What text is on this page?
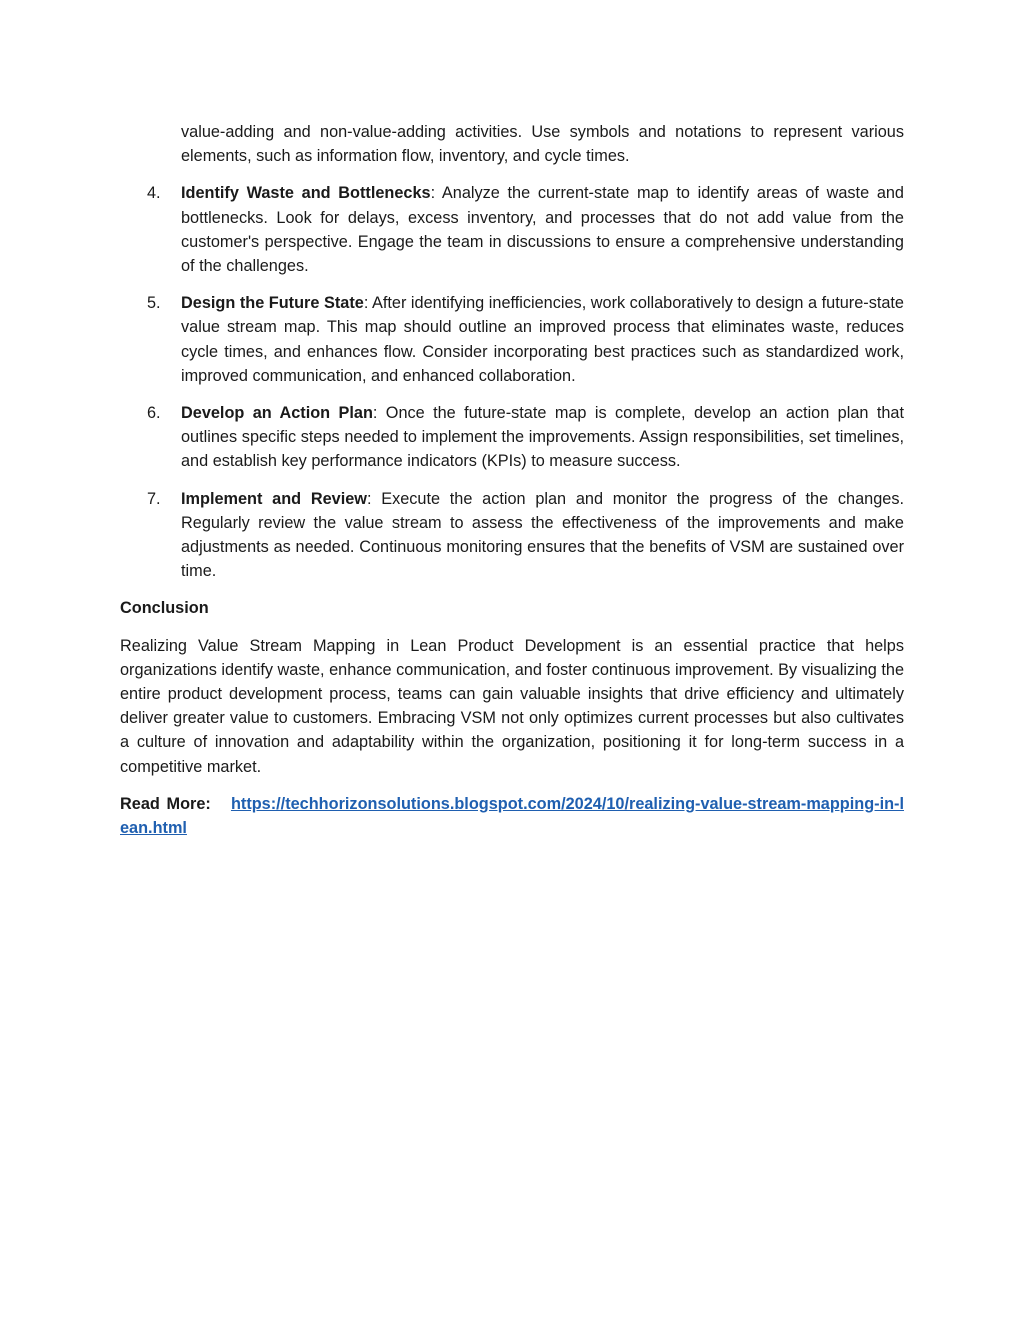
value-adding and non-value-adding activities. Use symbols and notations to represent various elements, such as information flow, inventory, and cycle times.

4. Identify Waste and Bottlenecks: Analyze the current-state map to identify areas of waste and bottlenecks. Look for delays, excess inventory, and processes that do not add value from the customer's perspective. Engage the team in discussions to ensure a comprehensive understanding of the challenges.

5. Design the Future State: After identifying inefficiencies, work collaboratively to design a future-state value stream map. This map should outline an improved process that eliminates waste, reduces cycle times, and enhances flow. Consider incorporating best practices such as standardized work, improved communication, and enhanced collaboration.

6. Develop an Action Plan: Once the future-state map is complete, develop an action plan that outlines specific steps needed to implement the improvements. Assign responsibilities, set timelines, and establish key performance indicators (KPIs) to measure success.

7. Implement and Review: Execute the action plan and monitor the progress of the changes. Regularly review the value stream to assess the effectiveness of the improvements and make adjustments as needed. Continuous monitoring ensures that the benefits of VSM are sustained over time.

Conclusion

Realizing Value Stream Mapping in Lean Product Development is an essential practice that helps organizations identify waste, enhance communication, and foster continuous improvement. By visualizing the entire product development process, teams can gain valuable insights that drive efficiency and ultimately deliver greater value to customers. Embracing VSM not only optimizes current processes but also cultivates a culture of innovation and adaptability within the organization, positioning it for long-term success in a competitive market.

Read More: https://techhorizonsolutions.blogspot.com/2024/10/realizing-value-stream-mapping-in-lean.html
